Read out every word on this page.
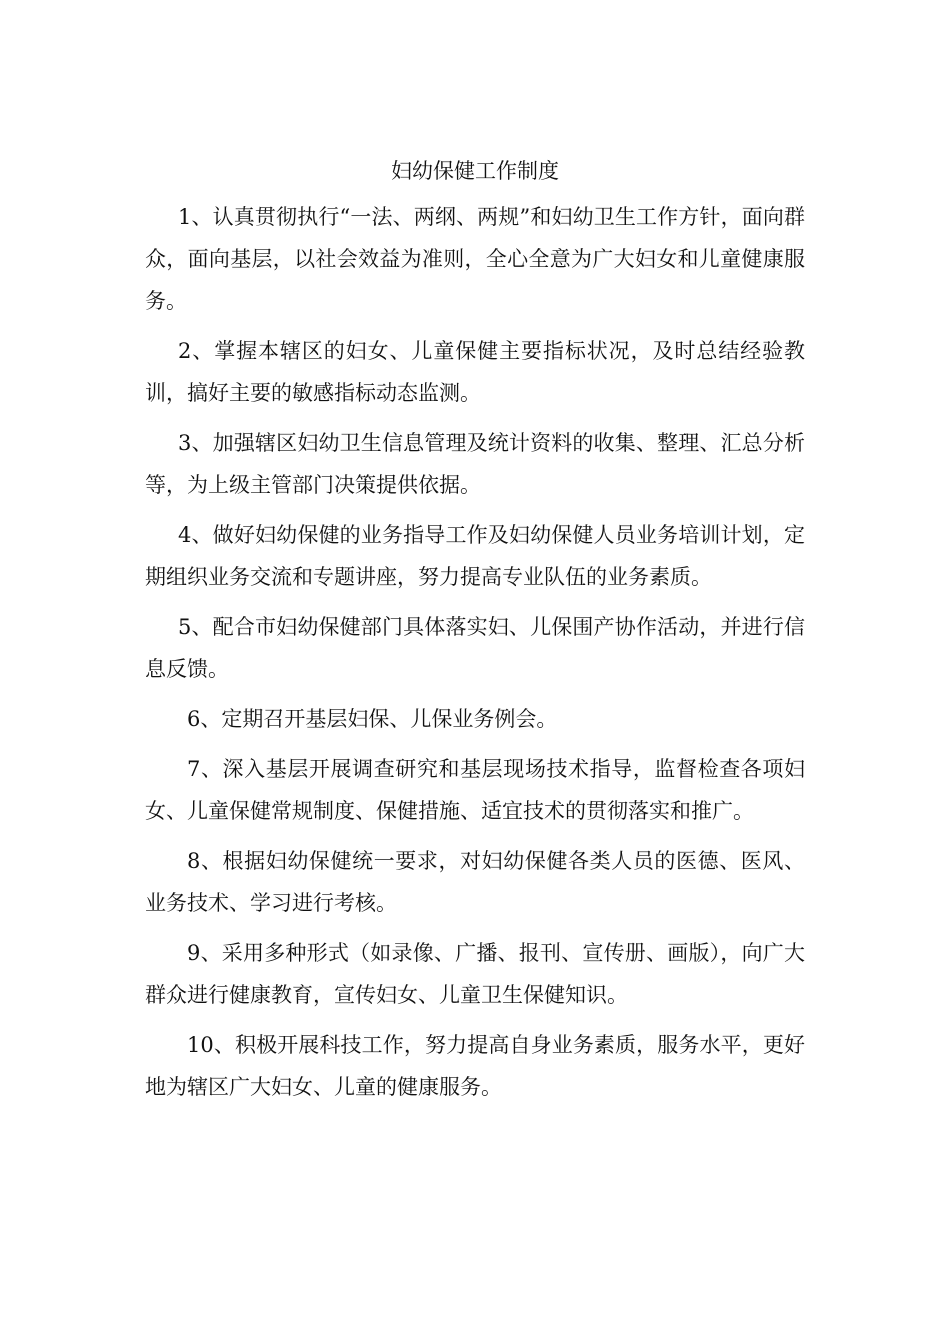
妇幼保健工作制度

1、认真贯彻执行“一法、两纲、两规”和妇幼卫生工作方针，面向群众，面向基层，以社会效益为准则，全心全意为广大妇女和儿童健康服务。

2、掌握本辖区的妇女、儿童保健主要指标状况，及时总结经验教训，搞好主要的敏感指标动态监测。

3、加强辖区妇幼卫生信息管理及统计资料的收集、整理、汇总分析等，为上级主管部门决策提供依据。

4、做好妇幼保健的业务指导工作及妇幼保健人员业务培训计划，定期组织业务交流和专题讲座，努力提高专业队伍的业务素质。

5、配合市妇幼保健部门具体落实妇、儿保围产协作活动，并进行信息反馈。

6、定期召开基层妇保、儿保业务例会。

7、深入基层开展调查研究和基层现场技术指导，监督检查各项妇女、儿童保健常规制度、保健措施、适宜技术的贯彻落实和推广。

8、根据妇幼保健统一要求，对妇幼保健各类人员的医德、医风、业务技术、学习进行考核。

9、采用多种形式（如录像、广播、报刊、宣传册、画版），向广大群众进行健康教育，宣传妇女、儿童卫生保健知识。

10、积极开展科技工作，努力提高自身业务素质，服务水平，更好地为辖区广大妇女、儿童的健康服务。
